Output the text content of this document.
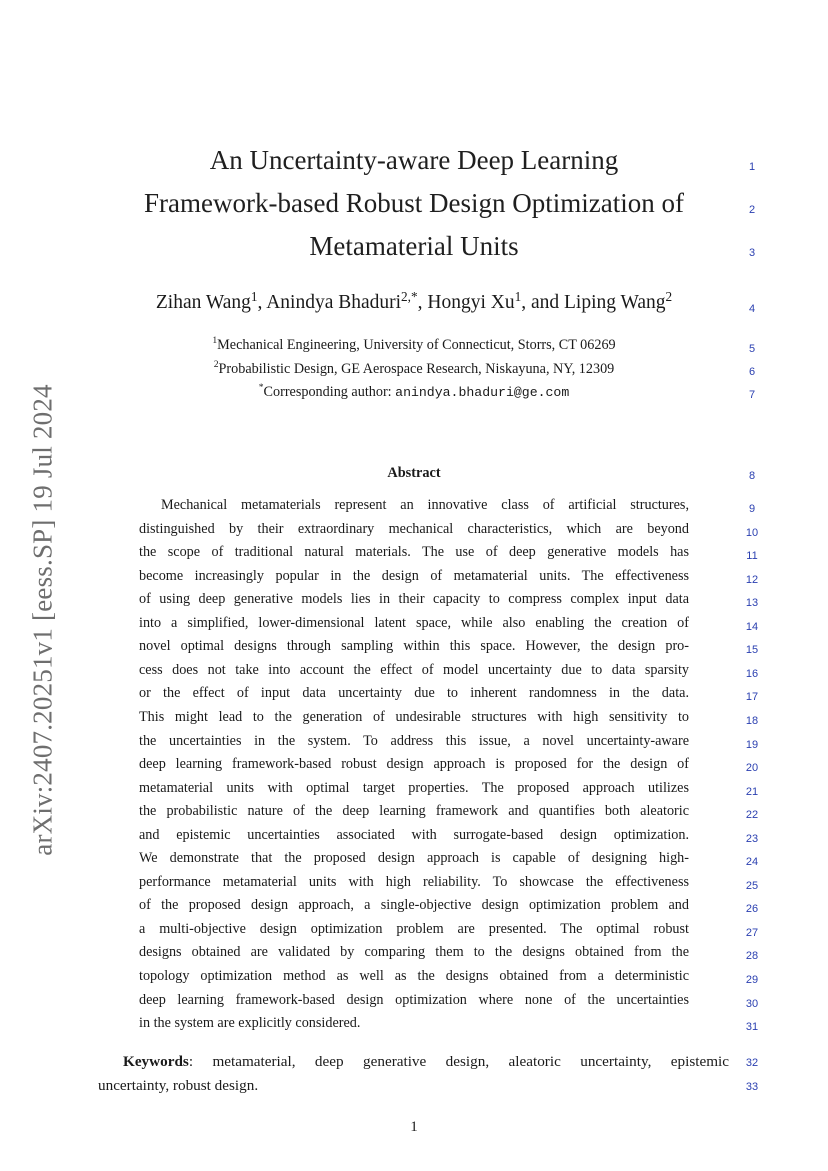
arXiv:2407.20251v1 [eess.SP] 19 Jul 2024
An Uncertainty-aware Deep Learning
Framework-based Robust Design Optimization of
Metamaterial Units
Zihan Wang$^1$, Anindya Bhaduri$^{2,*}$, Hongyi Xu$^1$, and Liping Wang$^2$
$^1$Mechanical Engineering, University of Connecticut, Storrs, CT 06269
$^2$Probabilistic Design, GE Aerospace Research, Niskayuna, NY, 12309
*Corresponding author: anindya.bhaduri@ge.com
Abstract
Mechanical metamaterials represent an innovative class of artificial structures,
distinguished by their extraordinary mechanical characteristics, which are beyond
the scope of traditional natural materials. The use of deep generative models has
become increasingly popular in the design of metamaterial units. The effectiveness
of using deep generative models lies in their capacity to compress complex input data
into a simplified, lower-dimensional latent space, while also enabling the creation of
novel optimal designs through sampling within this space. However, the design pro-
cess does not take into account the effect of model uncertainty due to data sparsity
or the effect of input data uncertainty due to inherent randomness in the data.
This might lead to the generation of undesirable structures with high sensitivity to
the uncertainties in the system. To address this issue, a novel uncertainty-aware
deep learning framework-based robust design approach is proposed for the design of
metamaterial units with optimal target properties. The proposed approach utilizes
the probabilistic nature of the deep learning framework and quantifies both aleatoric
and epistemic uncertainties associated with surrogate-based design optimization.
We demonstrate that the proposed design approach is capable of designing high-
performance metamaterial units with high reliability. To showcase the effectiveness
of the proposed design approach, a single-objective design optimization problem and
a multi-objective design optimization problem are presented. The optimal robust
designs obtained are validated by comparing them to the designs obtained from the
topology optimization method as well as the designs obtained from a deterministic
deep learning framework-based design optimization where none of the uncertainties
in the system are explicitly considered.
Keywords: metamaterial, deep generative design, aleatoric uncertainty, epistemic
uncertainty, robust design.
1
2
3
4
5
6
7
8
9
10
11
12
13
14
15
16
17
18
19
20
21
22
23
24
25
26
27
28
29
30
31
32
33
1
